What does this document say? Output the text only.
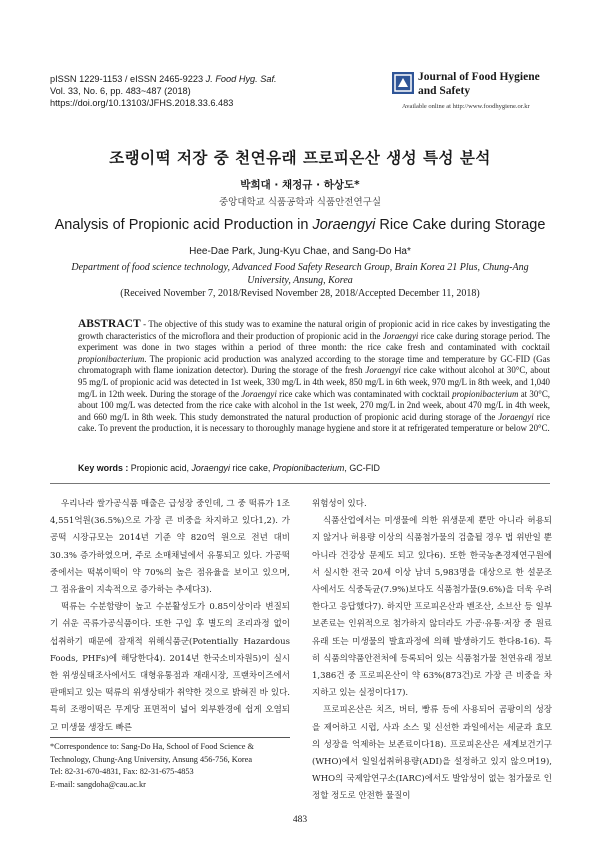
pISSN 1229-1153 / eISSN 2465-9223 J. Food Hyg. Saf.
Vol. 33, No. 6, pp. 483~487 (2018)
https://doi.org/10.13103/JFHS.2018.33.6.483
Journal of Food Hygiene
and Safety
Available online at http://www.foodhygiene.or.kr
조랭이떡 저장 중 천연유래 프로피온산 생성 특성 분석
박희대 · 채정규 · 하상도*
중앙대학교 식품공학과 식품안전연구실
Analysis of Propionic acid Production in Joraengyi Rice Cake during Storage
Hee-Dae Park, Jung-Kyu Chae, and Sang-Do Ha*
Department of food science technology, Advanced Food Safety Research Group, Brain Korea 21 Plus, Chung-Ang University, Ansung, Korea
(Received November 7, 2018/Revised November 28, 2018/Accepted December 11, 2018)
ABSTRACT - The objective of this study was to examine the natural origin of propionic acid in rice cakes by investigating the growth characteristics of the microflora and their production of propionic acid in the Joraengyi rice cake during storage period. The experiment was done in two stages within a period of three month: the rice cake fresh and contaminated with cocktail propionibacterium. The propionic acid production was analyzed according to the storage time and temperature by GC-FID (Gas chromatograph with flame ionization detector). During the storage of the fresh Joraengyi rice cake without alcohol at 30°C, about 95 mg/L of propionic acid was detected in 1st week, 330 mg/L in 4th week, 850 mg/L in 6th week, 970 mg/L in 8th week, and 1,040 mg/L in 12th week. During the storage of the Joraengyi rice cake which was contaminated with cocktail propionibacterium at 30°C, about 100 mg/L was detected from the rice cake with alcohol in the 1st week, 270 mg/L in 2nd week, about 470 mg/L in 4th week, and 660 mg/L in 8th week. This study demonstrated the natural production of propionic acid during storage of the Joraengyi rice cake. To prevent the production, it is necessary to thoroughly manage hygiene and store it at refrigerated temperature or below 20°C.
Key words : Propionic acid, Joraengyi rice cake, Propionibacterium, GC-FID

우리나라 쌀가공식품 매출은 급성장 중인데, 그 중 떡류가 1조 4,551억원(36.5%)으로 가장 큰 비중을 차지하고 있다1,2). 가공떡 시장규모는 2014년 기준 약 820억 원으로 전년 대비 30.3% 증가하였으며, 주로 소매채널에서 유통되고 있다. 가공떡 중에서는 떡볶이떡이 약 70%의 높은 점유율을 보이고 있으며, 그 점유율이 지속적으로 증가하는 추세다3).

떡류는 수분함량이 높고 수분활성도가 0.85이상이라 변질되기 쉬운 곡류가공식품이다. 또한 구입 후 별도의 조리과정 없이 섭취하기 때문에 잠재적 위해식품군(Potentially Hazardous Foods, PHFs)에 해당한다4). 2014년 한국소비자원5)이 실시한 위생실태조사에서도 대형유통점과 재래시장, 프랜차이즈에서 판매되고 있는 떡류의 위생상태가 취약한 것으로 밝혀진 바 있다. 특히 조랭이떡은 무게당 표면적이 넓어 외부환경에 쉽게 오염되고 미생물 생장도 빠른

위험성이 있다.

식품산업에서는 미생물에 의한 위생문제 뿐만 아니라 허용되지 않거나 허용량 이상의 식품첨가물의 검출될 경우 법 위반일 뿐 아니라 건강상 문제도 되고 있다6). 또한 한국농촌경제연구원에서 실시한 전국 20세 이상 남녀 5,983명을 대상으로 한 설문조사에서도 식중독균(7.9%)보다도 식품첨가물(9.6%)을 더욱 우려한다고 응답했다7). 하지만 프로피온산과 벤조산, 소브산 등 일부 보존료는 인위적으로 첨가하지 않더라도 가공·유통·저장 중 원료 유래 또는 미생물의 발효과정에 의해 발생하기도 한다8-16). 특히 식품의약품안전처에 등록되어 있는 식품첨가물 천연유래 정보 1,386건 중 프로피온산이 약 63%(873건)로 가장 큰 비중을 차지하고 있는 실정이다17).

프로피온산은 치즈, 버터, 빵류 등에 사용되어 곰팡이의 성장을 제어하고 시럽, 사과 소스 및 신선한 과일에서는 세균과 효모의 성장을 억제하는 보존료이다18). 프로피온산은 세계보건기구(WHO)에서 일일섭취허용량(ADI)을 설정하고 있지 않으며19), WHO의 국제암연구소(IARC)에서도 발암성이 없는 첨가물로 인정할 정도로 안전한 물질이

*Correspondence to: Sang-Do Ha, School of Food Science & Technology, Chung-Ang University, Ansung 456-756, Korea

Tel: 82-31-670-4831, Fax: 82-31-675-4853

E-mail: sangdoha@cau.ac.kr

483
